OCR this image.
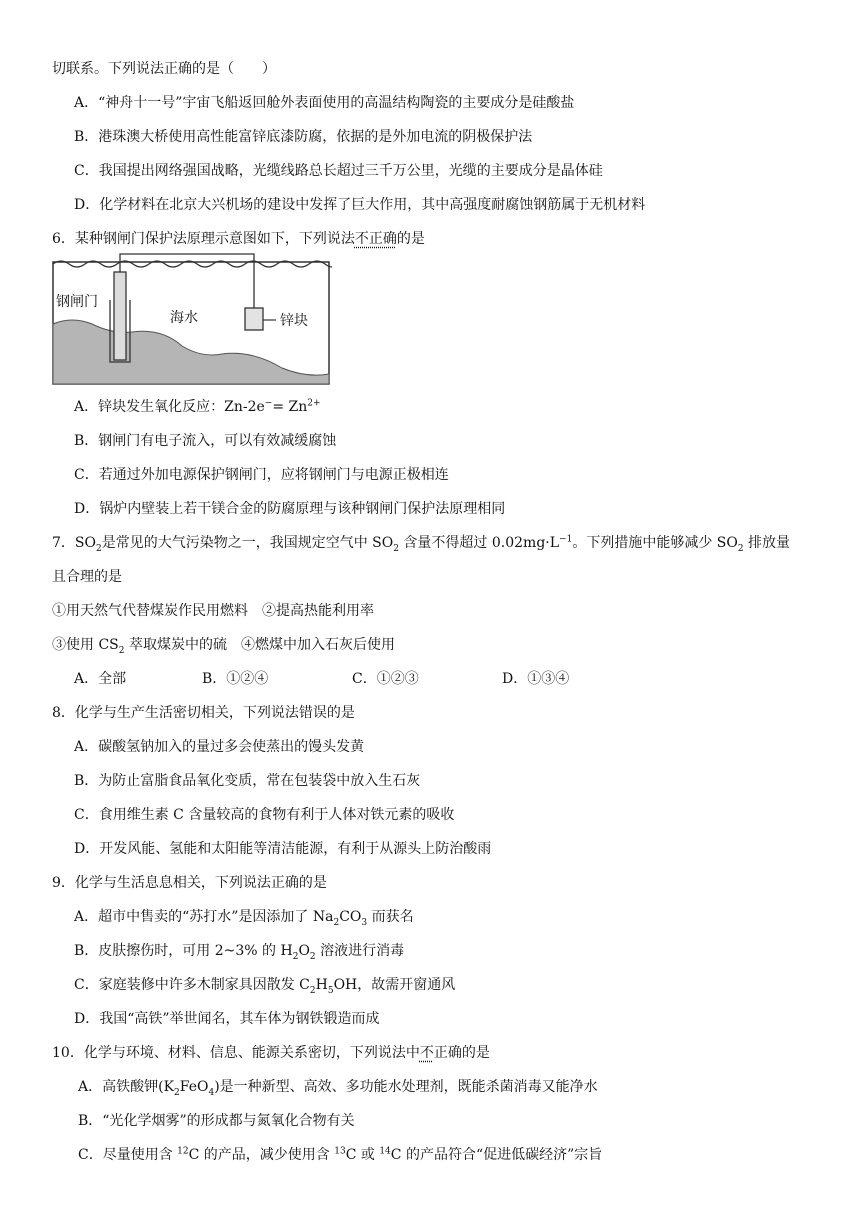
切联系。下列说法正确的是（　　）
A．“神舟十一号”宇宙飞船返回舱外表面使用的高温结构陶瓷的主要成分是硅酸盐
B．港珠澳大桥使用高性能富锌底漆防腐，依据的是外加电流的阴极保护法
C．我国提出网络强国战略，光缆线路总长超过三千万公里，光缆的主要成分是晶体硅
D．化学材料在北京大兴机场的建设中发挥了巨大作用，其中高强度耐腐蚀钢筋属于无机材料
6．某种钢闸门保护法原理示意图如下，下列说法不正确的是
钢闸门
海水	锌块
A．锌块发生氧化反应：$Zn-2e^-= Zn^{2+}$
B．钢闸门有电子流入，可以有效减缓腐蚀
C．若通过外加电源保护钢闸门，应将钢闸门与电源正极相连
D．锅炉内壁装上若干镁合金的防腐原理与该种钢闸门保护法原理相同
7．$SO_2$是常见的大气污染物之一，我国规定空气中 $SO_2$ 含量不得超过 $0.02mg\cdot L^{-1}$。下列措施中能够减少 $SO_2$ 排放量
且合理的是
①用天然气代替煤炭作民用燃料　②提高热能利用率
③使用 $CS_2$ 萃取煤炭中的硫　④燃煤中加入石灰后使用
A．全部	B．①②④	C．①②③	D．①③④
8．化学与生产生活密切相关，下列说法错误的是
A．碳酸氢钠加入的量过多会使蒸出的馒头发黄
B．为防止富脂食品氧化变质，常在包装袋中放入生石灰
C．食用维生素 C 含量较高的食物有利于人体对铁元素的吸收
D．开发风能、氢能和太阳能等清洁能源，有利于从源头上防治酸雨
9．化学与生活息息相关，下列说法正确的是
A．超市中售卖的“苏打水”是因添加了 $Na_2CO_3$ 而获名
B．皮肤擦伤时，可用 2~3% 的 $H_2O_2$ 溶液进行消毒
C．家庭装修中许多木制家具因散发 $C_2H_5OH$，故需开窗通风
D．我国“高铁”举世闻名，其车体为钢铁锻造而成
10．化学与环境、材料、信息、能源关系密切，下列说法中不正确的是
A．高铁酸钾$(K_2FeO_4)$是一种新型、高效、多功能水处理剂，既能杀菌消毒又能净水
B．“光化学烟雾”的形成都与氮氧化合物有关
C．尽量使用含 $^{12}$C 的产品，减少使用含 $^{13}$C 或 $^{14}$C 的产品符合“促进低碳经济”宗旨
